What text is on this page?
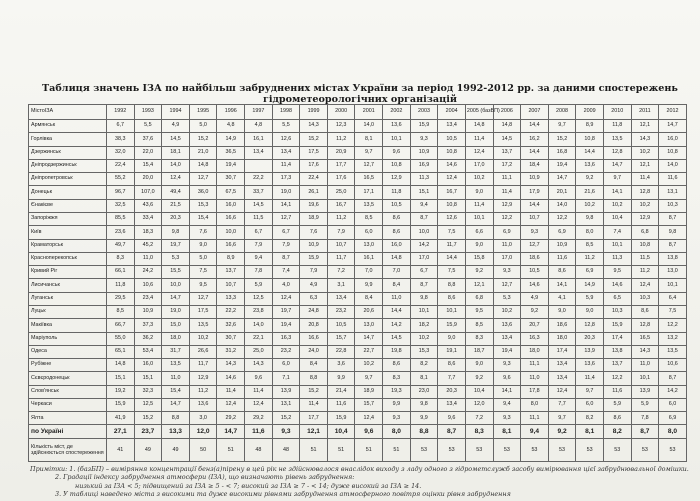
Таблиця значень ІЗА по найбільш забруднених містах України за період 1992-2012 рр. за даними спостережень
гідрометеорологічних організацій
МістоІЗА	1992	1993	1994	1995	1996	1997	1998	1999	2000	2001	2002	2003	2004	2005 (базБП)	2006	2007	2008	2009	2010	2011	2012
Армянськ	6,7	5,5	4,9	5,0	4,8	4,8	5,5	14,3	12,3	14,0	13,6	15,9	13,4	14,8	14,8	14,4	9,7	8,9	11,8	12,1	14,7
Горлівка	38,3	37,6	14,5	15,2	14,9	16,1	12,6	15,2	11,2	8,1	10,1	9,3	10,5	11,4	14,5	16,2	15,2	10,8	13,5	14,3	16,0
Дзержинськ	32,0	22,0	18,1	21,0	36,5	13,4	13,4	17,5	20,9	9,7	9,6	10,9	10,8	12,4	13,7	14,4	16,8	14,4	12,8	10,2	10,8
Дніпродзержинськ	22,4	15,4	14,0	14,8	19,4		11,4	17,6	17,7	12,7	10,8	16,9	14,6	17,0	17,2	18,4	19,4	13,6	14,7	12,1	14,0
Дніпропетровськ	55,2	20,0	12,4	12,7	30,7	22,2	17,3	22,4	17,6	16,5	12,9	11,3	12,4	10,2	11,1	10,9	14,7	9,2	9,7	11,4	11,6
Донецьк	96,7	107,0	49,4	36,0	67,5	33,7	19,0	26,1	25,0	17,1	11,8	15,1	16,7	9,0	11,4	17,9	20,1	21,6	14,1	12,8	13,1
Єнакієве	32,5	43,6	21,5	15,3	16,0	14,5	14,1	19,6	16,7	13,5	10,5	9,4	10,8	11,4	12,9	14,4	14,0	10,2	10,2	10,2	10,3
Запоріжжя	85,5	33,4	20,3	15,4	16,6	11,5	12,7	18,9	11,2	8,5	8,6	8,7	12,6	10,1	12,2	10,7	12,2	9,8	10,4	12,9	8,7
Київ	23,6	18,3	9,8	7,6	10,0	6,7	6,7	7,6	7,9	6,0	8,6	10,0	7,5	6,6	6,9	9,3	6,9	8,0	7,4	6,8	9,8
Краматорськ	49,7	45,2	19,7	9,0	16,6	7,9	7,9	10,9	10,7	13,0	16,0	14,2	11,7	9,0	11,0	12,7	10,9	8,5	10,1	10,8	8,7
Красноперекопськ	8,3	11,0	5,3	5,0	8,9	9,4	8,7	15,9	11,7	16,1	14,8	17,0	14,4	15,8	17,0	18,6	11,6	11,2	11,3	11,5	13,8
Кривий Ріг	66,1	24,2	15,5	7,5	13,7	7,8	7,4	7,9	7,2	7,0	7,0	6,7	7,5	9,2	9,3	10,5	8,6	6,9	9,5	11,2	13,0
Лисичанськ	11,8	10,6	10,0	9,5	10,7	5,9	4,0	4,9	3,1	9,9	8,4	8,7	8,8	12,1	12,7	14,6	14,1	14,9	14,6	12,4	10,1
Луганськ	29,5	23,4	14,7	12,7	13,3	12,5	12,4	6,3	13,4	8,4	11,0	9,8	8,6	6,8	5,3	4,9	4,1	5,9	6,5	10,3	6,4
Луцьк	8,5	10,9	19,0	17,5	22,2	23,8	19,7	24,8	23,2	20,6	14,4	10,1	10,1	9,5	10,2	9,2	9,0	9,0	10,3	8,6	7,5
Макіївка	66,7	37,3	15,0	13,5	32,6	14,0	19,4	20,8	10,5	13,0	14,2	18,2	15,9	8,5	13,6	20,7	18,6	12,8	15,9	12,8	12,2
Маріуполь	55,0	36,2	18,0	10,2	30,7	22,1	16,3	16,6	15,7	14,7	14,5	10,2	9,0	8,3	13,4	16,3	18,0	20,3	17,4	16,5	13,2
Одеса	65,1	53,4	31,7	26,6	31,2	25,0	23,2	24,0	22,8	22,7	19,8	15,3	19,1	18,7	19,4	18,0	17,4	13,9	13,8	14,3	13,5
Рубіжне	14,8	16,0	13,5	11,7	14,3	14,3	6,0	8,4	3,6	10,2	8,6	8,2	8,6	9,0	9,3	11,1	13,4	13,6	13,7	11,0	10,6
Сєвєродонецьк	15,1	15,1	11,0	12,9	14,6	9,6	7,1	8,8	9,9	9,7	8,3	8,1	7,7	9,2	9,6	11,0	13,4	11,4	12,2	10,1	8,7
Слов'янськ	19,2	32,3	15,4	11,2	11,4	11,4	13,9	15,2	21,4	18,9	19,3	23,0	20,3	10,4	14,1	17,8	12,4	9,7	11,6	13,9	14,2
Черкаси	15,9	12,5	14,7	13,6	12,4	12,4	13,1	11,4	11,6	15,7	9,9	9,8	13,4	12,0	9,4	8,0	7,7	6,0	5,9	5,9	6,0
Ялта	41,9	15,2	8,8	3,0	29,2	29,2	15,2	17,7	15,9	12,4	9,3	9,9	9,6	7,2	9,3	11,1	9,7	8,2	8,6	7,8	6,9
по Україні	27,1	23,7	13,3	12,0	14,7	11,6	9,3	12,1	10,4	9,6	8,0	8,8	8,7	8,3	8,1	9,4	9,2	8,1	8,2	8,7	8,0
Кількість міст, де здійснюється спостереження	41	49	49	50	51	48	48	51	51	51	51	53	53	53	53	53	53	53	53	53	53
Примітки: 1. (базБП) – виміряння концентрації бенз(а)пірену в цей рік не здійснювалося внаслідок виходу з ладу одного з гідрометслужб засобу вимірювання цієї забруднювальної домішки.
2. Градації індексу забруднення атмосфери (ІЗА), що визначають рівень забруднення:
низький за ІЗА < 5; підвищений за ІЗА ≥ 5 - < 7; високий за ІЗА ≥ 7 - < 14; дуже високий за ІЗА ≥ 14.
3. У таблиці наведено міста з високими та дуже високими рівнями забруднення атмосферного повітря оцінки рівня забруднення
